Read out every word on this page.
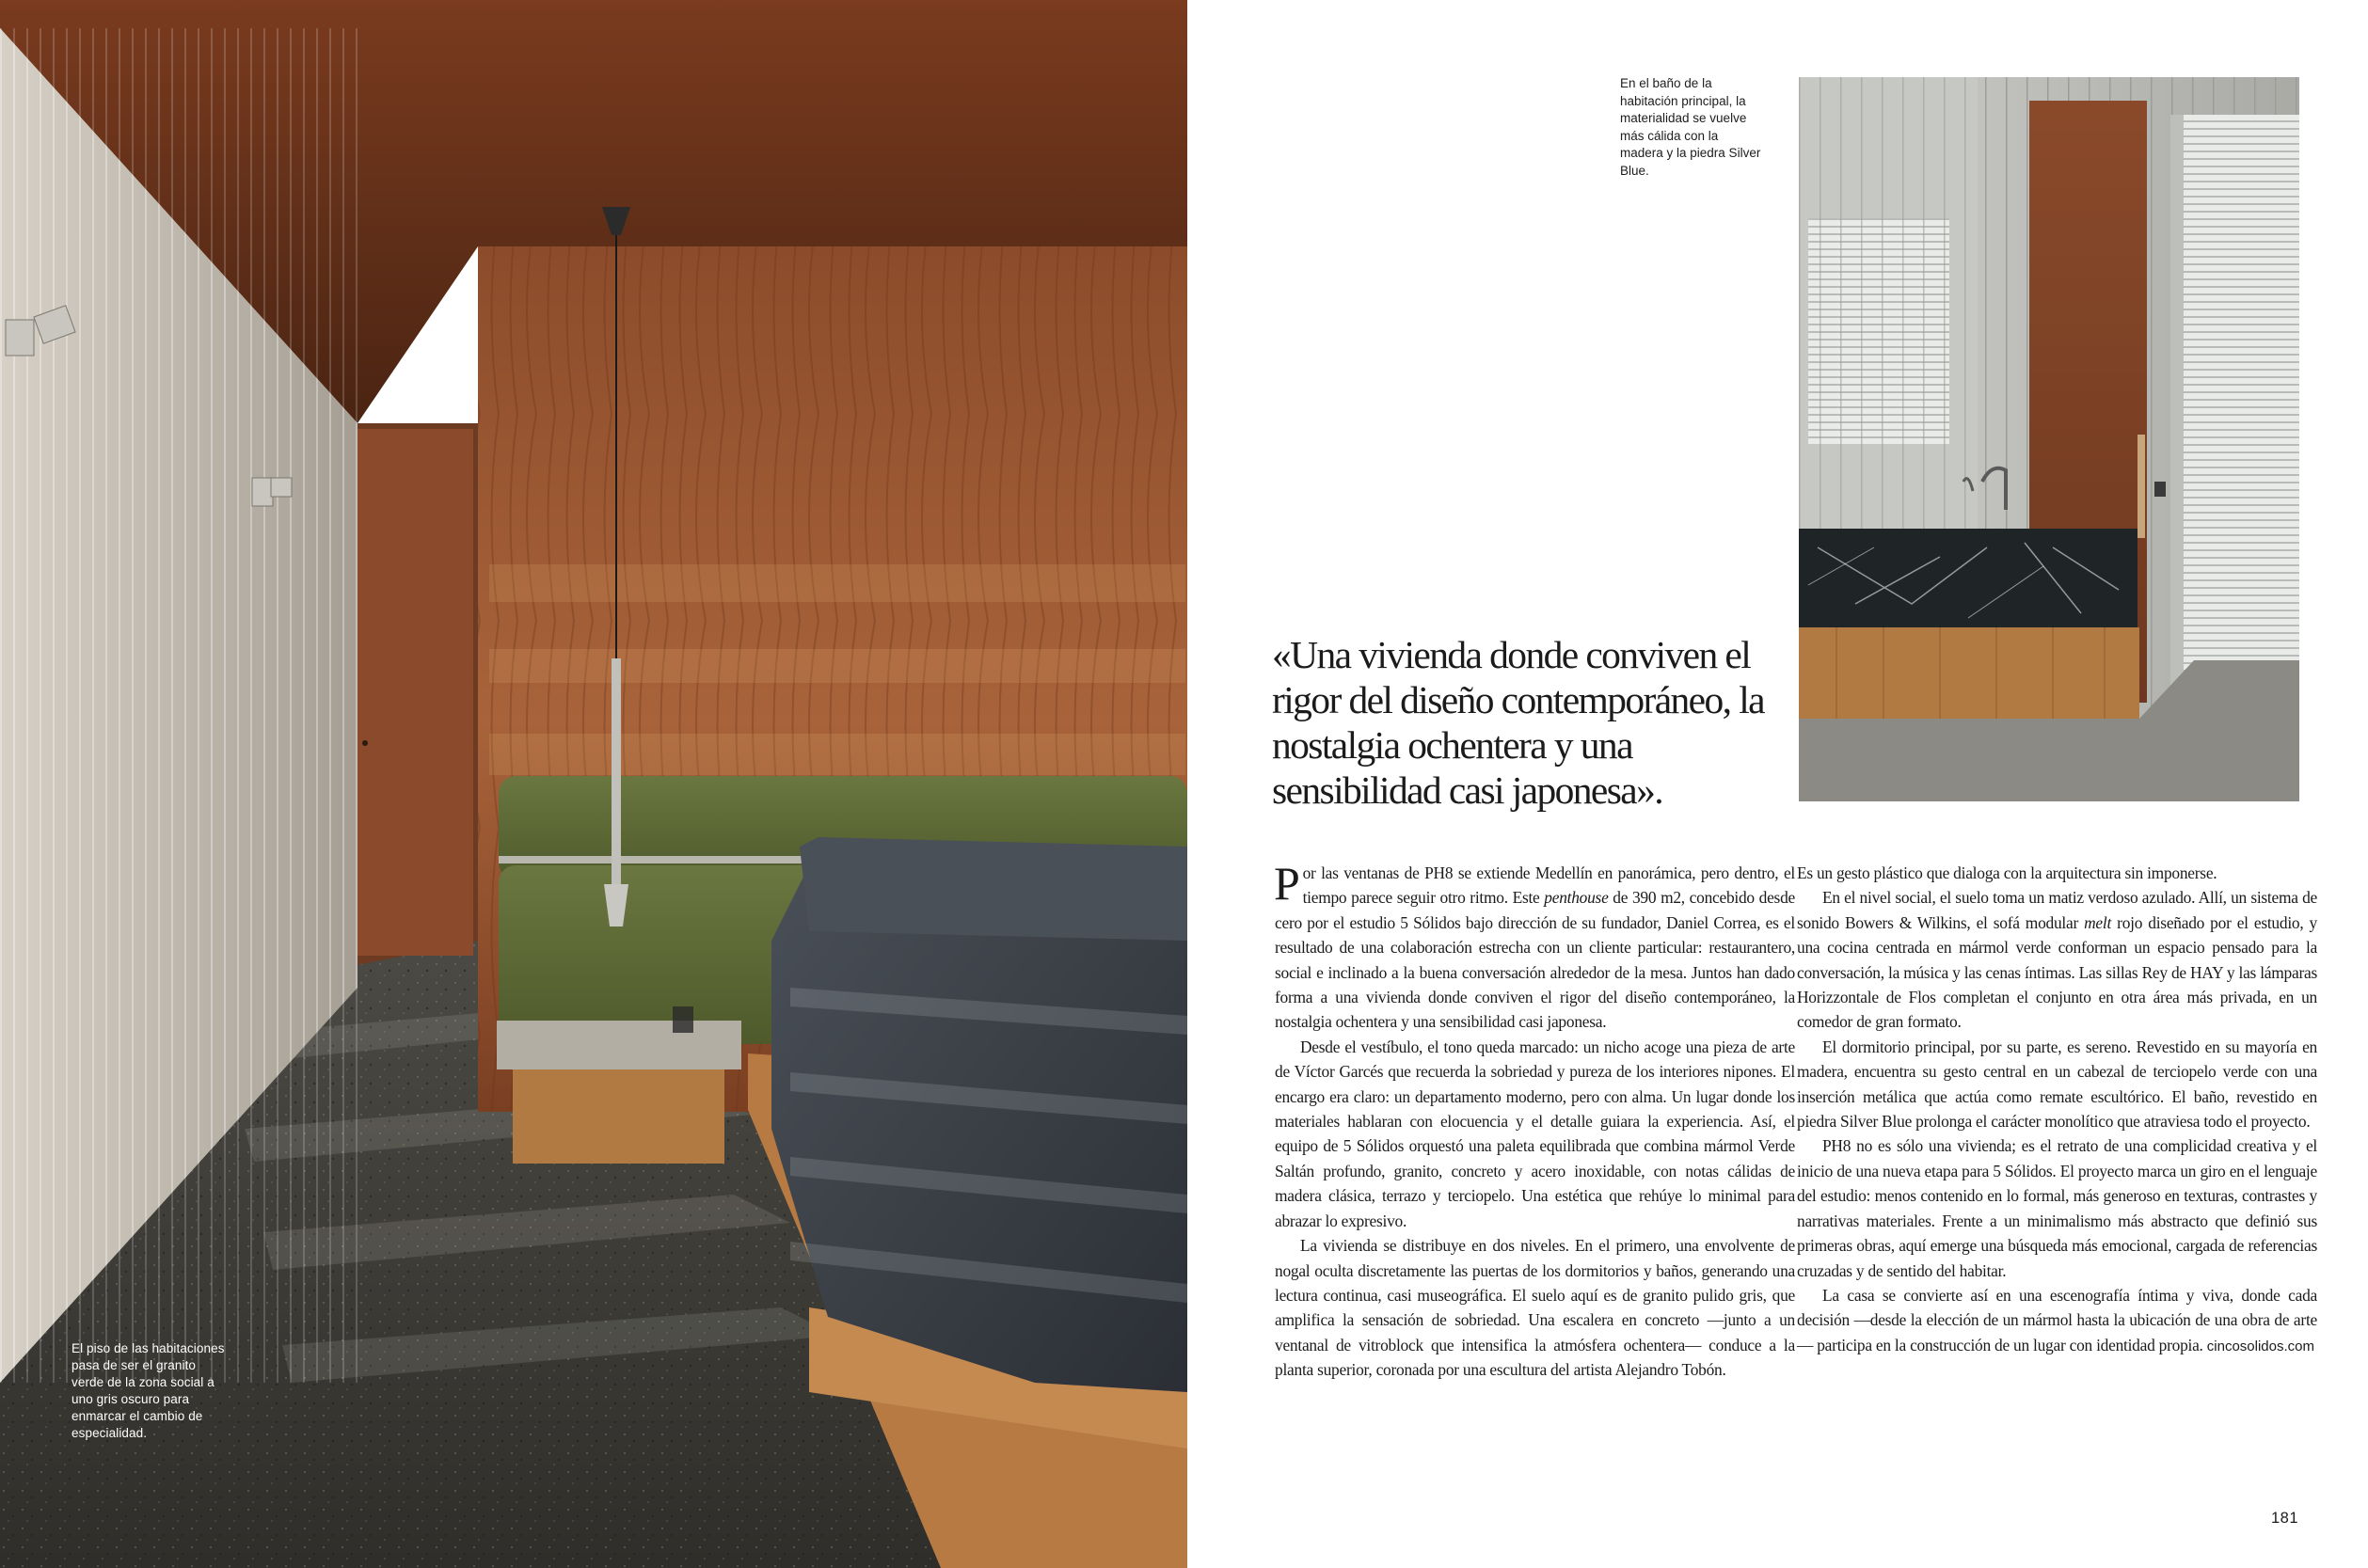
El piso de las habitaciones pasa de ser el granito verde de la zona social a uno gris oscuro para enmarcar el cambio de especialidad.
En el baño de la habitación principal, la materialidad se vuelve más cálida con la madera y la piedra Silver Blue.
«Una vivienda donde conviven el rigor del diseño contemporáneo, la nostalgia ochentera y una sensibilidad casi japonesa».

Por las ventanas de PH8 se extiende Medellín en panorámica, pero dentro, el tiempo parece seguir otro ritmo. Este penthouse de 390 m2, concebido desde cero por el estudio 5 Sólidos bajo dirección de su fundador, Daniel Correa, es el resultado de una colaboración estrecha con un cliente particular: restaurantero, social e inclinado a la buena conversación alrededor de la mesa. Juntos han dado forma a una vivienda donde conviven el rigor del diseño contemporáneo, la nostalgia ochentera y una sensibilidad casi japonesa.

Desde el vestíbulo, el tono queda marcado: un nicho acoge una pieza de arte de Víctor Garcés que recuerda la sobriedad y pureza de los interiores nipones. El encargo era claro: un departamento moderno, pero con alma. Un lugar donde los materiales hablaran con elocuencia y el detalle guiara la experiencia. Así, el equipo de 5 Sólidos orquestó una paleta equilibrada que combina mármol Verde Saltán profundo, granito, concreto y acero inoxidable, con notas cálidas de madera clásica, terrazo y terciopelo. Una estética que rehúye lo minimal para abrazar lo expresivo.

La vivienda se distribuye en dos niveles. En el primero, una envolvente de nogal oculta discretamente las puertas de los dormitorios y baños, generando una lectura continua, casi museográfica. El suelo aquí es de granito pulido gris, que amplifica la sensación de sobriedad. Una escalera en concreto —junto a un ventanal de vitroblock que intensifica la atmósfera ochentera— conduce a la planta superior, coronada por una escultura del artista Alejandro Tobón.

Es un gesto plástico que dialoga con la arquitectura sin imponerse.

En el nivel social, el suelo toma un matiz verdoso azulado. Allí, un sistema de sonido Bowers & Wilkins, el sofá modular melt rojo diseñado por el estudio, y una cocina centrada en mármol verde conforman un espacio pensado para la conversación, la música y las cenas íntimas. Las sillas Rey de HAY y las lámparas Horizzontale de Flos completan el conjunto en otra área más privada, en un comedor de gran formato.

El dormitorio principal, por su parte, es sereno. Revestido en su mayoría en madera, encuentra su gesto central en un cabezal de terciopelo verde con una inserción metálica que actúa como remate escultórico. El baño, revestido en piedra Silver Blue prolonga el carácter monolítico que atraviesa todo el proyecto.

PH8 no es sólo una vivienda; es el retrato de una complicidad creativa y el inicio de una nueva etapa para 5 Sólidos. El proyecto marca un giro en el lenguaje del estudio: menos contenido en lo formal, más generoso en texturas, contrastes y narrativas materiales. Frente a un minimalismo más abstracto que definió sus primeras obras, aquí emerge una búsqueda más emocional, cargada de referencias cruzadas y de sentido del habitar.

La casa se convierte así en una escenografía íntima y viva, donde cada decisión —desde la elección de un mármol hasta la ubicación de una obra de arte— participa en la construcción de un lugar con identidad propia. cincosolidos.com

181
